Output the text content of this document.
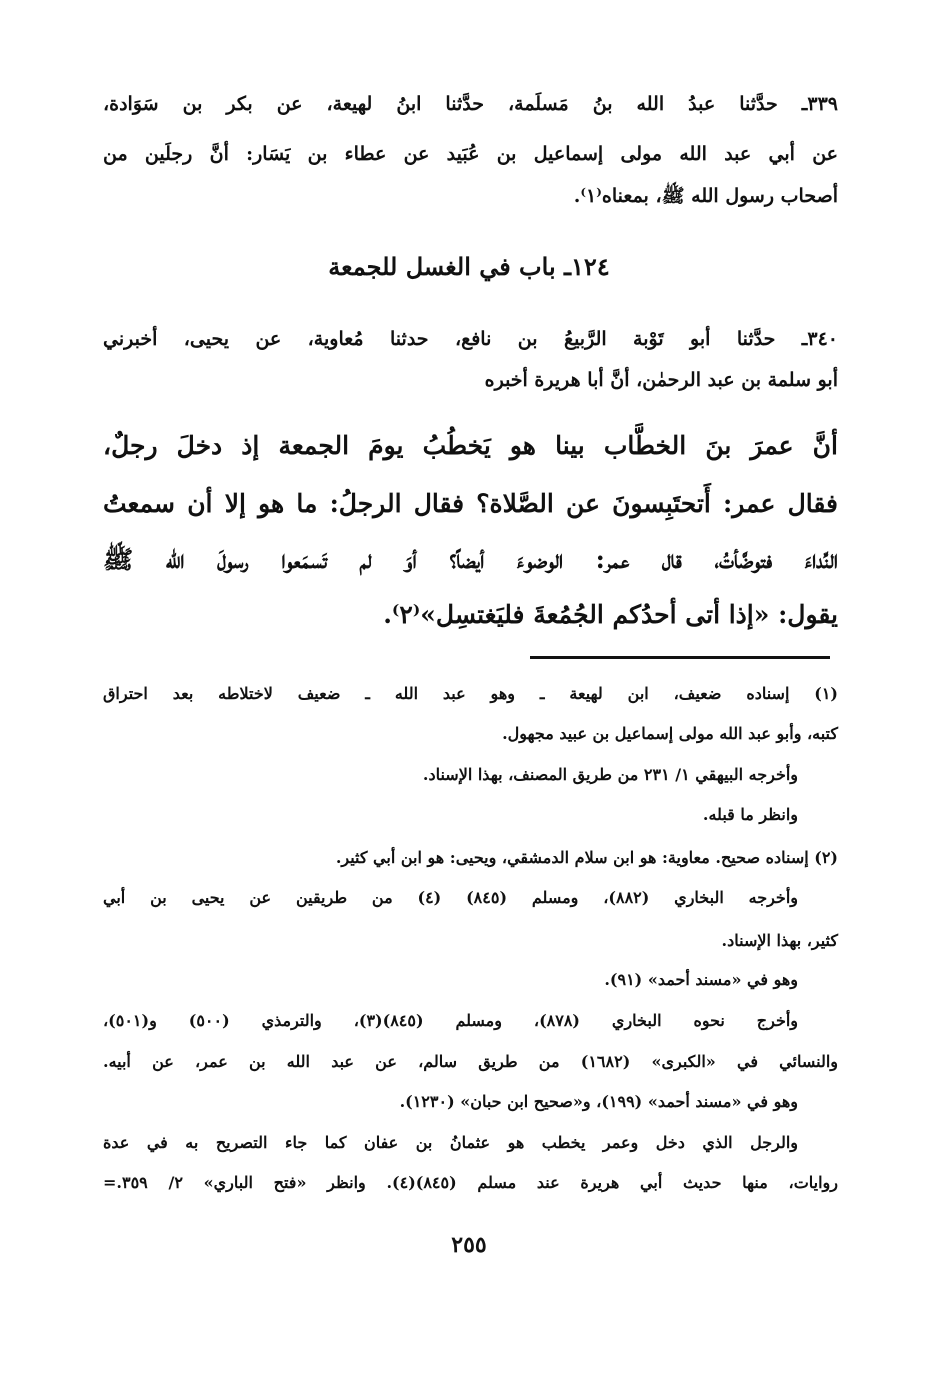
٣٣٩ـ حدَّثنا عبدُ الله بنُ مَسلَمة، حدَّثنا ابنُ لهيعة، عن بكر بن سَوَادة،
عن أبي عبد الله مولى إسماعيل بن عُبَيد عن عطاء بن يَسَار: أنَّ رجلَين من
أصحاب رسول الله ﷺ، بمعناه⁽١⁾.
١٢٤ـ باب في الغسل للجمعة
٣٤٠ـ حدَّثنا أبو تَوْبة الرَّبيعُ بن نافع، حدثنا مُعاوية، عن يحيى، أخبرني
أبو سلمة بن عبد الرحمٰن، أنَّ أبا هريرة أخبره
أنَّ عمرَ بنَ الخطَّاب بينا هو يَخطُبُ يومَ الجمعة إذ دخلَ رجلٌ،
فقال عمر: أَتحتَبِسونَ عن الصَّلاة؟ فقال الرجلُ: ما هو إلا أن سمعتُ
النِّداءَ فتوضَّأتُ، قال عمر: الوضوءَ أيضاً؟ أوَ لم تَسمَعوا رسولَ الله ﷺ
يقول: «إذا أتى أحدُكم الجُمُعةَ فليَغتسِل»⁽٢⁾.
(١) إسناده ضعيف، ابن لهيعة ـ وهو عبد الله ـ ضعيف لاختلاطه بعد احتراق
كتبه، وأبو عبد الله مولى إسماعيل بن عبيد مجهول.
وأخرجه البيهقي ١/ ٢٣١ من طريق المصنف، بهذا الإسناد.
وانظر ما قبله.
(٢) إسناده صحيح. معاوية: هو ابن سلام الدمشقي، ويحيى: هو ابن أبي كثير.
وأخرجه البخاري (٨٨٢)، ومسلم (٨٤٥) (٤) من طريقين عن يحيى بن أبي
كثير، بهذا الإسناد.
وهو في «مسند أحمد» (٩١).
وأخرج نحوه البخاري (٨٧٨)، ومسلم (٨٤٥)(٣)، والترمذي (٥٠٠) و(٥٠١)،
والنسائي في «الكبرى» (١٦٨٢) من طريق سالم، عن عبد الله بن عمر، عن أبيه.
وهو في «مسند أحمد» (١٩٩)، و«صحيح ابن حبان» (١٢٣٠).
والرجل الذي دخل وعمر يخطب هو عثمانُ بن عفان كما جاء التصريح به في عدة
روايات، منها حديث أبي هريرة عند مسلم (٨٤٥)(٤). وانظر «فتح الباري» ٢/ ٣٥٩.=
٢٥٥
